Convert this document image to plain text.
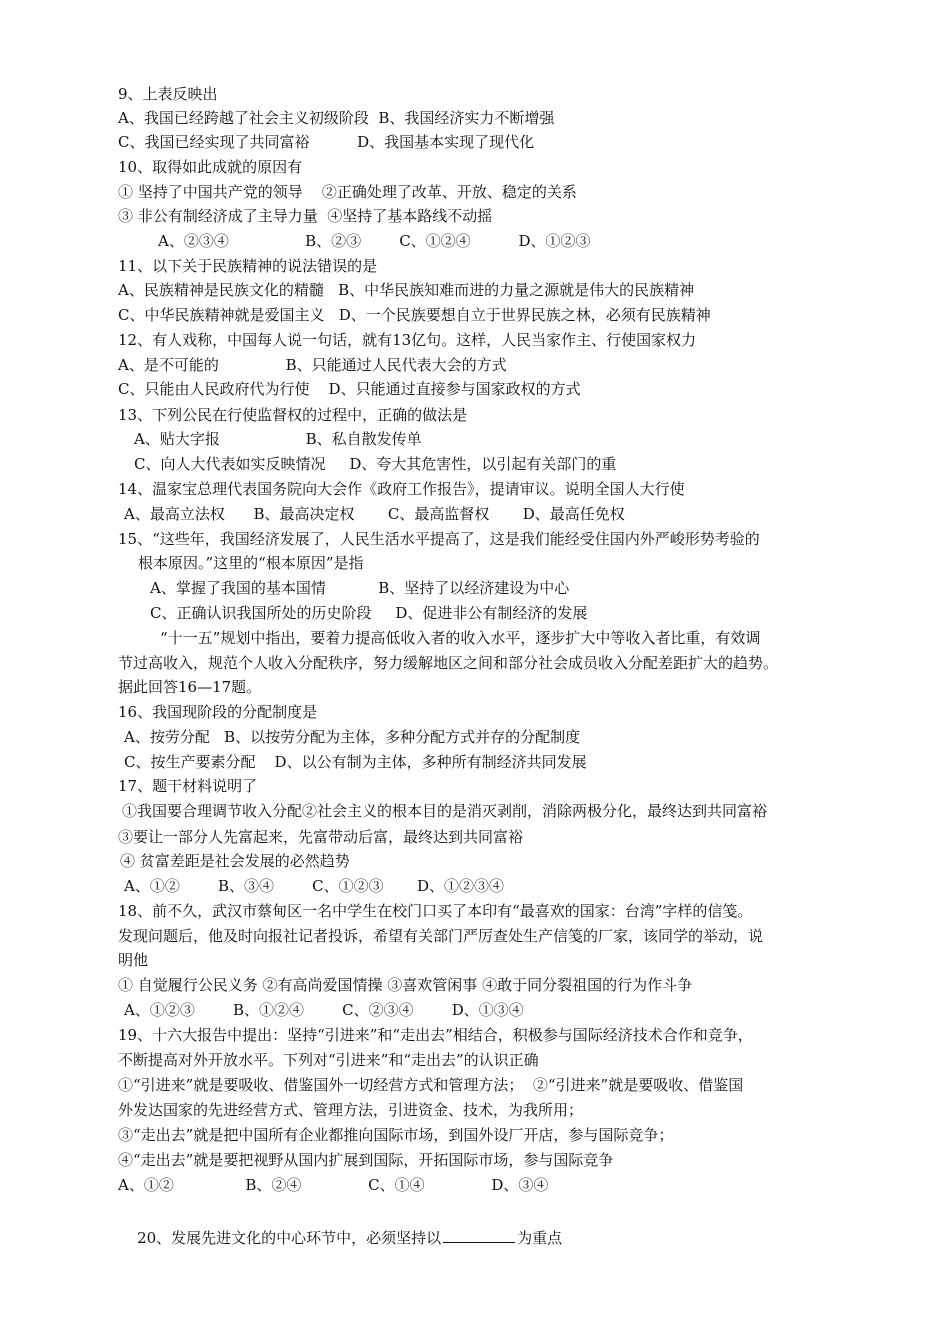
9、上表反映出
A、我国已经跨越了社会主义初级阶段  B、我国经济实力不断增强
C、我国已经实现了共同富裕          D、我国基本实现了现代化
10、取得如此成就的原因有
① 坚持了中国共产党的领导    ②正确处理了改革、开放、稳定的关系
③ 非公有制经济成了主导力量  ④坚持了基本路线不动摇
A、②③④                B、②③        C、①②④          D、①②③
11、以下关于民族精神的说法错误的是
A、民族精神是民族文化的精髓   B、中华民族知难而进的力量之源就是伟大的民族精神
C、中华民族精神就是爱国主义   D、一个民族要想自立于世界民族之林，必须有民族精神
12、有人戏称，中国每人说一句话，就有13亿句。这样，人民当家作主、行使国家权力
A、是不可能的              B、只能通过人民代表大会的方式
C、只能由人民政府代为行使    D、只能通过直接参与国家政权的方式
13、下列公民在行使监督权的过程中，正确的做法是
A、贴大字报                  B、私自散发传单
C、向人大代表如实反映情况     D、夸大其危害性，以引起有关部门的重
14、温家宝总理代表国务院向大会作《政府工作报告》，提请审议。说明全国人大行使
A、最高立法权      B、最高决定权       C、最高监督权       D、最高任免权
15、“这些年，我国经济发展了，人民生活水平提高了，这是我们能经受住国内外严峻形势考验的
根本原因。”这里的“根本原因”是指
A、掌握了我国的基本国情           B、坚持了以经济建设为中心
C、正确认识我国所处的历史阶段     D、促进非公有制经济的发展
“十一五”规划中指出，要着力提高低收入者的收入水平，逐步扩大中等收入者比重，有效调
节过高收入，规范个人收入分配秩序，努力缓解地区之间和部分社会成员收入分配差距扩大的趋势。
据此回答16—17题。
16、我国现阶段的分配制度是
A、按劳分配   B、以按劳分配为主体，多种分配方式并存的分配制度
C、按生产要素分配    D、以公有制为主体，多种所有制经济共同发展
17、题干材料说明了
①我国要合理调节收入分配②社会主义的根本目的是消灭剥削，消除两极分化，最终达到共同富裕
③要让一部分人先富起来，先富带动后富，最终达到共同富裕
④ 贫富差距是社会发展的必然趋势
A、①②        B、③④        C、①②③       D、①②③④
18、前不久，武汉市蔡甸区一名中学生在校门口买了本印有“最喜欢的国家：台湾”字样的信笺。
发现问题后，他及时向报社记者投诉，希望有关部门严厉查处生产信笺的厂家，该同学的举动，说
明他
① 自觉履行公民义务 ②有高尚爱国情操 ③喜欢管闲事 ④敢于同分裂祖国的行为作斗争
A、①②③        B、①②④        C、②③④        D、①③④
19、十六大报告中提出：坚持“引进来”和“走出去”相结合，积极参与国际经济技术合作和竞争，
不断提高对外开放水平。下列对“引进来”和“走出去”的认识正确
①“引进来”就是要吸收、借鉴国外一切经营方式和管理方法；  ②“引进来”就是要吸收、借鉴国
外发达国家的先进经营方式、管理方法，引进资金、技术，为我所用；
③“走出去”就是把中国所有企业都推向国际市场，到国外设厂开店，参与国际竞争；
④“走出去”就是要把视野从国内扩展到国际，开拓国际市场，参与国际竞争
A、①②               B、②④              C、①④              D、③④

20、发展先进文化的中心环节中，必须坚持以	为重点
